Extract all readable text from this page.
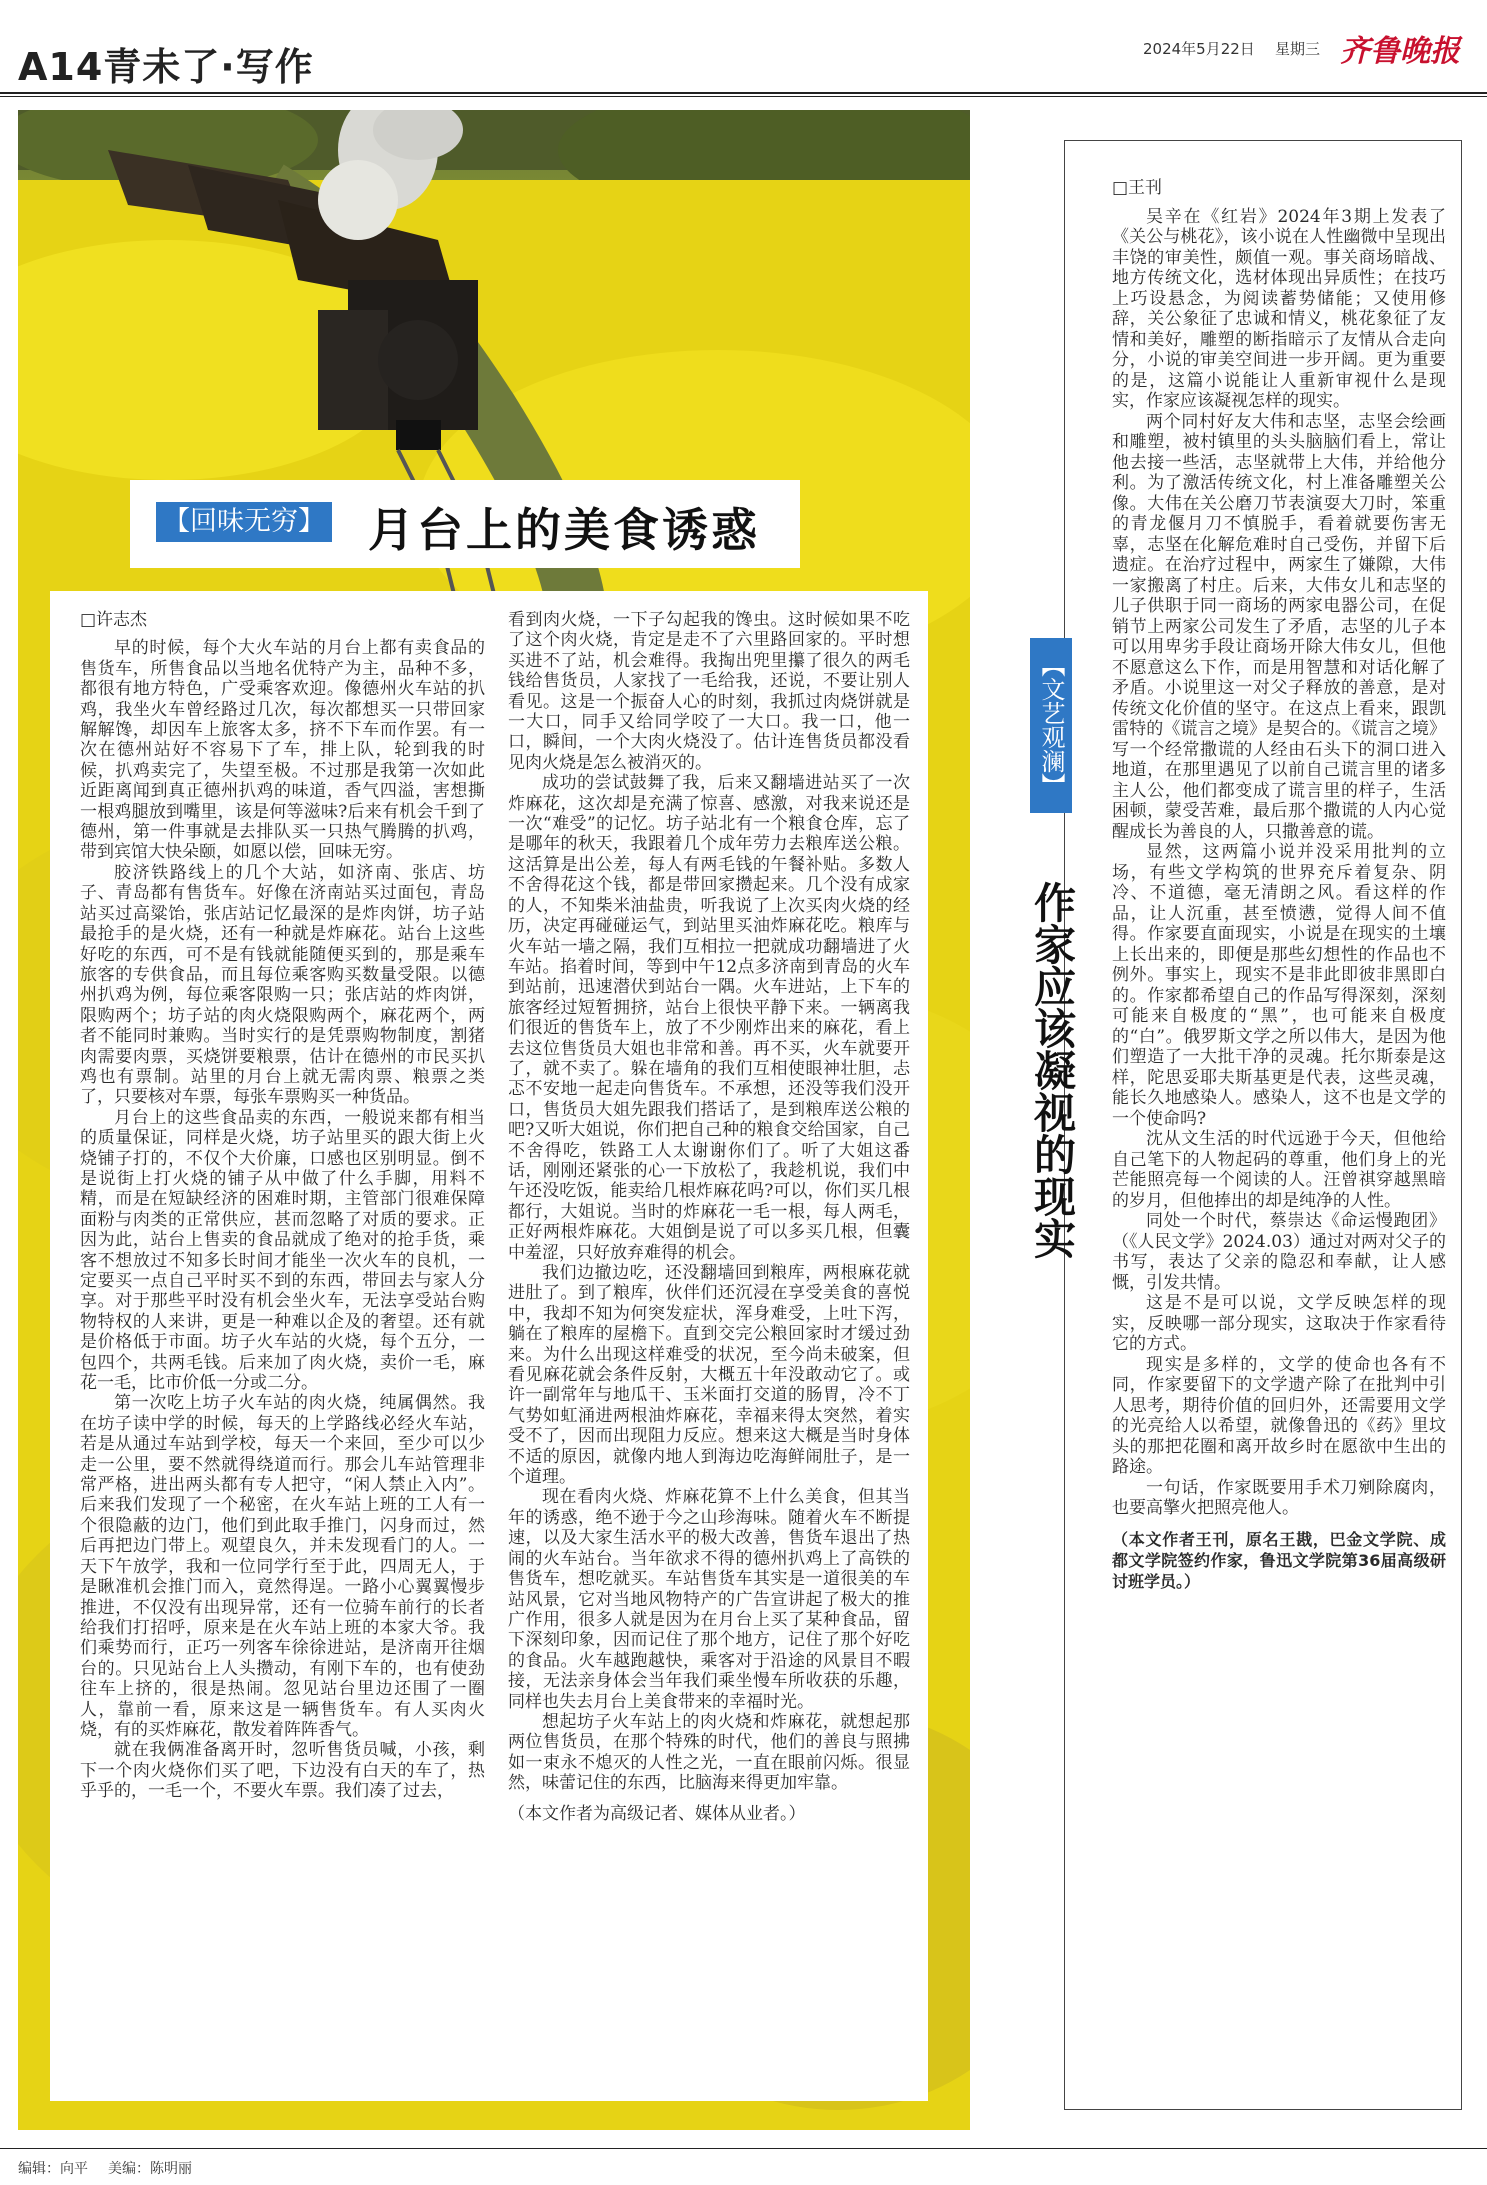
A14青未了·写作	2024年5月22日 星期三 齐鲁晚报
【回味无穷】 月台上的美食诱惑

□许志杰

早的时候，每个大火车站的月台上都有卖食品的售货车，所售食品以当地名优特产为主，品种不多，都很有地方特色，广受乘客欢迎。像德州火车站的扒鸡，我坐火车曾经路过几次，每次都想买一只带回家解解馋，却因车上旅客太多，挤不下车而作罢。有一次在德州站好不容易下了车，排上队，轮到我的时候，扒鸡卖完了，失望至极。不过那是我第一次如此近距离闻到真正德州扒鸡的味道，香气四溢，害想撕一根鸡腿放到嘴里，该是何等滋味?后来有机会千到了德州，第一件事就是去排队买一只热气腾腾的扒鸡，带到宾馆大快朵颐，如愿以偿，回味无穷。

胶济铁路线上的几个大站，如济南、张店、坊子、青岛都有售货车。好像在济南站买过面包，青岛站买过高粱饴，张店站记忆最深的是炸肉饼，坊子站最抢手的是火烧，还有一种就是炸麻花。站台上这些好吃的东西，可不是有钱就能随便买到的，那是乘车旅客的专供食品，而且每位乘客购买数量受限。以德州扒鸡为例，每位乘客限购一只；张店站的炸肉饼，限购两个；坊子站的肉火烧限购两个，麻花两个，两者不能同时兼购。当时实行的是凭票购物制度，割猪肉需要肉票，买烧饼要粮票，估计在德州的市民买扒鸡也有票制。站里的月台上就无需肉票、粮票之类了，只要核对车票，每张车票购买一种货品。

月台上的这些食品卖的东西，一般说来都有相当的质量保证，同样是火烧，坊子站里买的跟大街上火烧铺子打的，不仅个大价廉，口感也区别明显。倒不是说街上打火烧的铺子从中做了什么手脚，用料不精，而是在短缺经济的困难时期，主管部门很难保障面粉与肉类的正常供应，甚而忽略了对质的要求。正因为此，站台上售卖的食品就成了绝对的抢手货，乘客不想放过不知多长时间才能坐一次火车的良机，一定要买一点自己平时买不到的东西，带回去与家人分享。对于那些平时没有机会坐火车，无法享受站台购物特权的人来讲，更是一种难以企及的奢望。还有就是价格低于市面。坊子火车站的火烧，每个五分，一包四个，共两毛钱。后来加了肉火烧，卖价一毛，麻花一毛，比市价低一分或二分。

第一次吃上坊子火车站的肉火烧，纯属偶然。我在坊子读中学的时候，每天的上学路线必经火车站，若是从通过车站到学校，每天一个来回，至少可以少走一公里，要不然就得绕道而行。那会儿车站管理非常严格，进出两头都有专人把守，“闲人禁止入内”。后来我们发现了一个秘密，在火车站上班的工人有一个很隐蔽的边门，他们到此取手推门，闪身而过，然后再把边门带上。观望良久，并未发现看门的人。一天下午放学，我和一位同学行至于此，四周无人，于是瞅准机会推门而入，竟然得逞。一路小心翼翼慢步推进，不仅没有出现异常，还有一位骑车前行的长者给我们打招呼，原来是在火车站上班的本家大爷。我们乘势而行，正巧一列客车徐徐进站，是济南开往烟台的。只见站台上人头攒动，有刚下车的，也有使劲往车上挤的，很是热闹。忽见站台里边还围了一圈人，靠前一看，原来这是一辆售货车。有人买肉火烧，有的买炸麻花，散发着阵阵香气。

就在我俩准备离开时，忽听售货员喊，小孩，剩下一个肉火烧你们买了吧，下边没有白天的车了，热乎乎的，一毛一个，不要火车票。我们凑了过去，

看到肉火烧，一下子勾起我的馋虫。这时候如果不吃了这个肉火烧，肯定是走不了六里路回家的。平时想买进不了站，机会难得。我掏出兜里攥了很久的两毛钱给售货员，人家找了一毛给我，还说，不要让别人看见。这是一个振奋人心的时刻，我抓过肉烧饼就是一大口，同手又给同学咬了一大口。我一口，他一口，瞬间，一个大肉火烧没了。估计连售货员都没看见肉火烧是怎么被消灭的。

成功的尝试鼓舞了我，后来又翻墙进站买了一次炸麻花，这次却是充满了惊喜、感激，对我来说还是一次“难受”的记忆。坊子站北有一个粮食仓库，忘了是哪年的秋天，我跟着几个成年劳力去粮库送公粮。这活算是出公差，每人有两毛钱的午餐补贴。多数人不舍得花这个钱，都是带回家攒起来。几个没有成家的人，不知柴米油盐贵，听我说了上次买肉火烧的经历，决定再碰碰运气，到站里买油炸麻花吃。粮库与火车站一墙之隔，我们互相拉一把就成功翻墙进了火车站。掐着时间，等到中午12点多济南到青岛的火车到站前，迅速潜伏到站台一隅。火车进站，上下车的旅客经过短暂拥挤，站台上很快平静下来。一辆离我们很近的售货车上，放了不少刚炸出来的麻花，看上去这位售货员大姐也非常和善。再不买，火车就要开了，就不卖了。躲在墙角的我们互相使眼神壮胆，忐忑不安地一起走向售货车。不承想，还没等我们没开口，售货员大姐先跟我们搭话了，是到粮库送公粮的吧?又听大姐说，你们把自己种的粮食交给国家，自己不舍得吃，铁路工人太谢谢你们了。听了大姐这番话，刚刚还紧张的心一下放松了，我趁机说，我们中午还没吃饭，能卖给几根炸麻花吗?可以，你们买几根都行，大姐说。当时的炸麻花一毛一根，每人两毛，正好两根炸麻花。大姐倒是说了可以多买几根，但囊中羞涩，只好放弃难得的机会。

我们边撤边吃，还没翻墙回到粮库，两根麻花就进肚了。到了粮库，伙伴们还沉浸在享受美食的喜悦中，我却不知为何突发症状，浑身难受，上吐下泻，躺在了粮库的屋檐下。直到交完公粮回家时才缓过劲来。为什么出现这样难受的状况，至今尚未破案，但看见麻花就会条件反射，大概五十年没敢动它了。或许一副常年与地瓜干、玉米面打交道的肠胃，冷不丁气势如虹涌进两根油炸麻花，幸福来得太突然，着实受不了，因而出现阻力反应。想来这大概是当时身体不适的原因，就像内地人到海边吃海鲜闹肚子，是一个道理。

现在看肉火烧、炸麻花算不上什么美食，但其当年的诱惑，绝不逊于今之山珍海味。随着火车不断提速，以及大家生活水平的极大改善，售货车退出了热闹的火车站台。当年欲求不得的德州扒鸡上了高铁的售货车，想吃就买。车站售货车其实是一道很美的车站风景，它对当地风物特产的广告宣讲起了极大的推广作用，很多人就是因为在月台上买了某种食品，留下深刻印象，因而记住了那个地方，记住了那个好吃的食品。火车越跑越快，乘客对于沿途的风景目不暇接，无法亲身体会当年我们乘坐慢车所收获的乐趣，同样也失去月台上美食带来的幸福时光。

想起坊子火车站上的肉火烧和炸麻花，就想起那两位售货员，在那个特殊的时代，他们的善良与照拂如一束永不熄灭的人性之光，一直在眼前闪烁。很显然，味蕾记住的东西，比脑海来得更加牢靠。

（本文作者为高级记者、媒体从业者。）

【文艺观澜】
作家应该凝视的现实

□王刊

吴辛在《红岩》2024年3期上发表了《关公与桃花》，该小说在人性幽微中呈现出丰饶的审美性，颇值一观。事关商场暗战、地方传统文化，选材体现出异质性；在技巧上巧设悬念，为阅读蓄势储能；又使用修辞，关公象征了忠诚和情义，桃花象征了友情和美好，雕塑的断指暗示了友情从合走向分，小说的审美空间进一步开阔。更为重要的是，这篇小说能让人重新审视什么是现实，作家应该凝视怎样的现实。

两个同村好友大伟和志坚，志坚会绘画和雕塑，被村镇里的头头脑脑们看上，常让他去接一些活，志坚就带上大伟，并给他分利。为了激活传统文化，村上准备雕塑关公像。大伟在关公磨刀节表演耍大刀时，笨重的青龙偃月刀不慎脱手，看着就要伤害无辜，志坚在化解危难时自己受伤，并留下后遗症。在治疗过程中，两家生了嫌隙，大伟一家搬离了村庄。后来，大伟女儿和志坚的儿子供职于同一商场的两家电器公司，在促销节上两家公司发生了矛盾，志坚的儿子本可以用卑劣手段让商场开除大伟女儿，但他不愿意这么下作，而是用智慧和对话化解了矛盾。小说里这一对父子释放的善意，是对传统文化价值的坚守。在这点上看来，跟凯雷特的《谎言之境》是契合的。《谎言之境》写一个经常撒谎的人经由石头下的洞口进入地道，在那里遇见了以前自己谎言里的诸多主人公，他们都变成了谎言里的样子，生活困顿，蒙受苦难，最后那个撒谎的人内心觉醒成长为善良的人，只撒善意的谎。

显然，这两篇小说并没采用批判的立场，有些文学构筑的世界充斥着复杂、阴冷、不道德，毫无清朗之风。看这样的作品，让人沉重，甚至愤懑，觉得人间不值得。作家要直面现实，小说是在现实的土壤上长出来的，即便是那些幻想性的作品也不例外。事实上，现实不是非此即彼非黑即白的。作家都希望自己的作品写得深刻，深刻可能来自极度的“黑”，也可能来自极度的“白”。俄罗斯文学之所以伟大，是因为他们塑造了一大批干净的灵魂。托尔斯泰是这样，陀思妥耶夫斯基更是代表，这些灵魂，能长久地感染人。感染人，这不也是文学的一个使命吗?

沈从文生活的时代远逊于今天，但他给自己笔下的人物起码的尊重，他们身上的光芒能照亮每一个阅读的人。汪曾祺穿越黑暗的岁月，但他捧出的却是纯净的人性。

同处一个时代，蔡崇达《命运慢跑团》（《人民文学》2024.03）通过对两对父子的书写，表达了父亲的隐忍和奉献，让人感慨，引发共情。

这是不是可以说，文学反映怎样的现实，反映哪一部分现实，这取决于作家看待它的方式。

现实是多样的，文学的使命也各有不同，作家要留下的文学遗产除了在批判中引人思考，期待价值的回归外，还需要用文学的光亮给人以希望，就像鲁迅的《药》里坟头的那把花圈和离开故乡时在愿欲中生出的路途。

一句话，作家既要用手术刀剜除腐肉，也要高擎火把照亮他人。

（本文作者王刊，原名王戡，巴金文学院、成都文学院签约作家，鲁迅文学院第36届高级研讨班学员。）

编辑：向平 美编：陈明丽
